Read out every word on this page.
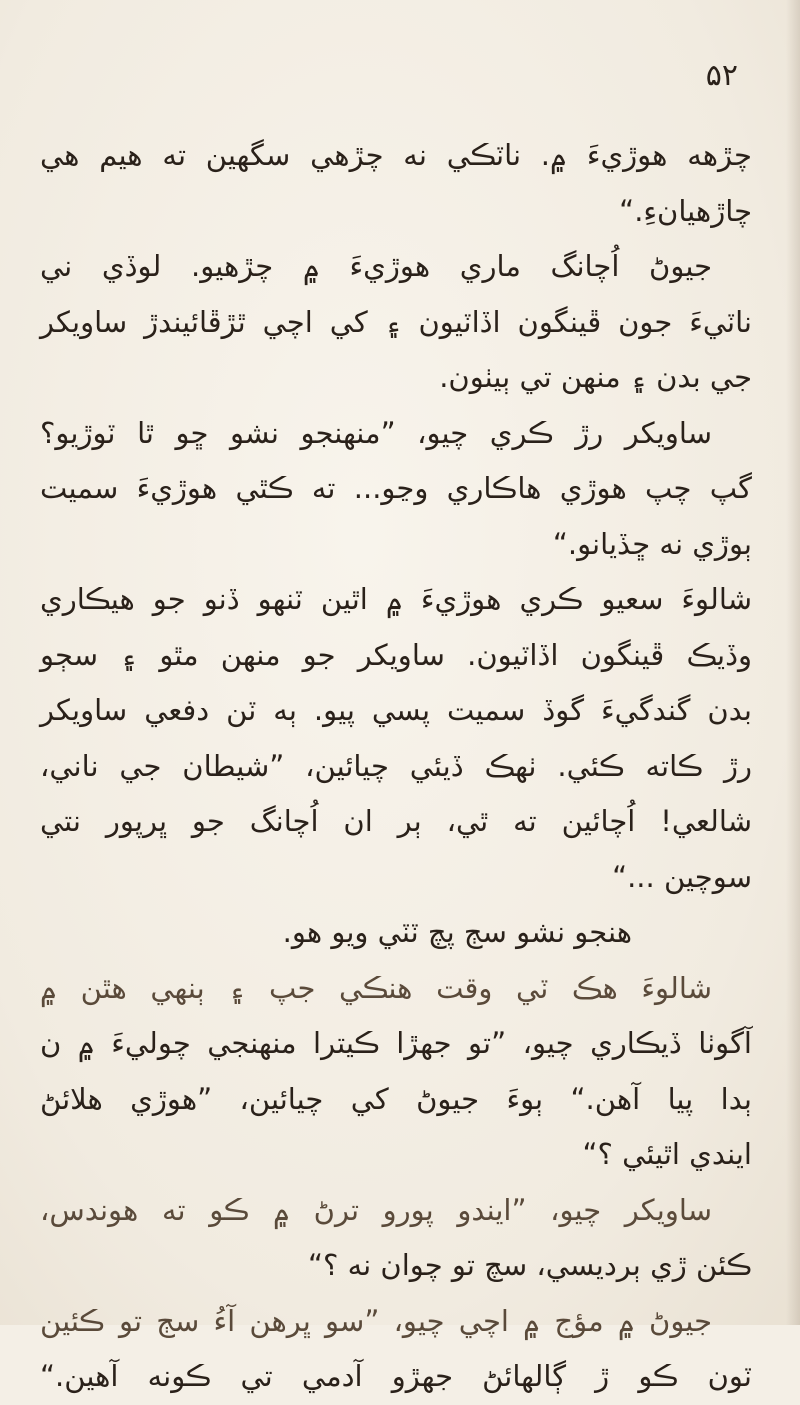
۵۲
چڙهه هوڙيءَ ۾. ناٽڪي نه چڙهي سگهين ته هيم هي
چاڙهيانءِ.“
جيوڻ اُچانگ ماري هوڙيءَ ۾ چڙهيو. لوڏي ني
ناٽيءَ جون ڦينگون اڏاٽيون ۽ کي اچي ٿڙڦائيندڙ ساويکر
جي بدن ۽ منهن تي ٻيٺون.
ساويکر رڙ ڪري چيو، ”منهنجو نشو ڇو ٿا ٽوڙيو؟
گپ چپ هوڙي هاڪاري وڃو... ته ڪٿي هوڙيءَ سميت
ٻوڙي نه ڇڏيانو.“
شالوءَ سعيو ڪري هوڙيءَ ۾ اٿين ٽنهو ڏنو جو هيڪاري
وڏيڪ ڦينگون اڏاٽيون. ساويکر جو منهن مٿو ۽ سڄو
بدن گندگيءَ گوڏ سميت پسي پيو. ٻه ٽن دفعي ساويکر
رڙ ڪاته ڪئي. ٺهڪ ڏيئي چيائين، ”شيطان جي ناني،
شالعي! اُچائين ته ٿي، ٻر ان اُچانگ جو ڀرپور نتي
سوچين ...“
هنجو نشو سڄ پچ ٽٽي ويو هو.
شالوءَ هڪ ٽي وقت هنڪي جپ ۽ ٻنهي هٿن ۾
آگوٺا ڏيڪاري چيو، ”تو جهڙا ڪيترا منهنجي چوليءَ ۾ ن
ٻدا پيا آهن.“ ٻوءَ جيوڻ کي چيائين، ”هوڙي هلائڻ
ايندي اٿيئي ؟“
ساويکر چيو، ”ايندو پورو ترڻ ۾ ڪو ته هوندس،
ڪئن ڙي ٻرديسي، سچ تو چوان نه ؟“
جيوڻ ۾ مؤج ۾ اچي چيو، ”سو ڀرهن آءُ سڄ تو ڪئين
ٽون ڪو ڙ ڳالهائڻ جهڙو آدمي تي ڪونه آهين.“
